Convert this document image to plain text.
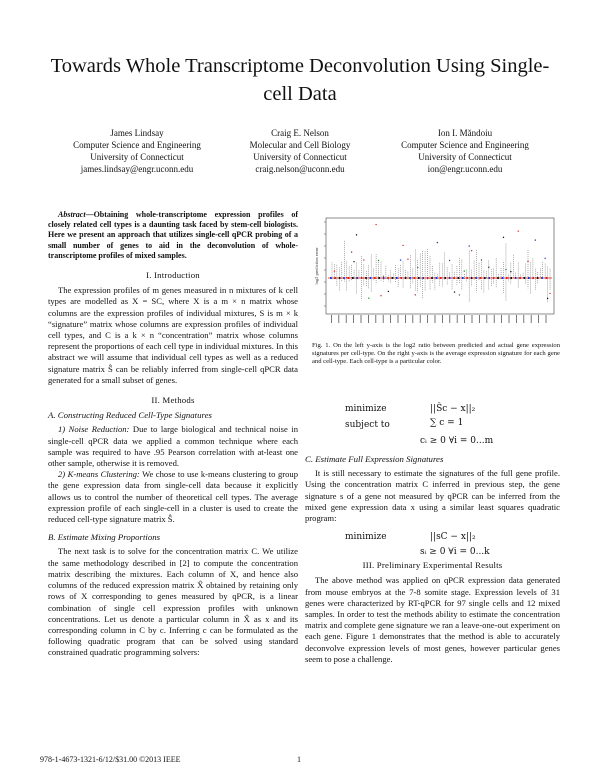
Towards Whole Transcriptome Deconvolution Using Single-cell Data
James Lindsay
Computer Science and Engineering
University of Connecticut
james.lindsay@engr.uconn.edu
Craig E. Nelson
Molecular and Cell Biology
University of Connecticut
craig.nelson@uconn.edu
Ion I. Măndoiu
Computer Science and Engineering
University of Connecticut
ion@engr.uconn.edu
Abstract—Obtaining whole-transcriptome expression profiles of closely related cell types is a daunting task faced by stem-cell biologists. Here we present an approach that utilizes single-cell qPCR probing of a small number of genes to aid in the deconvolution of whole-transcriptome profiles of mixed samples.
I. Introduction

The expression profiles of m genes measured in n mixtures of k cell types are modelled as X = SC, where X is a m × n matrix whose columns are the expression profiles of individual mixtures, S is m × k “signature” matrix whose columns are expression profiles of individual cell types, and C is a k × n “concentration” matrix whose columns represent the proportions of each cell type in individual mixtures. In this abstract we will assume that individual cell types as well as a reduced signature matrix Ŝ can be reliably inferred from single-cell qPCR data generated for a small subset of genes.

II. Methods
A. Constructing Reduced Cell-Type Signatures

1) Noise Reduction: Due to large biological and technical noise in single-cell qPCR data we applied a common technique where each sample was required to have .95 Pearson correlation with at-least one other sample, otherwise it is removed.

2) K-means Clustering: We chose to use k-means clustering to group the gene expression data from single-cell data because it explicitly allows us to control the number of theoretical cell types. The average expression profile of each single-cell in a cluster is used to create the reduced cell-type signature matrix Ŝ.

B. Estimate Mixing Proportions

The next task is to solve for the concentration matrix C. We utilize the same methodology described in [2] to compute the concentration matrix describing the mixtures. Each column of X, and hence also columns of the reduced expression matrix X̂ obtained by retaining only rows of X corresponding to genes measured by qPCR, is a linear combination of single cell expression profiles with unknown concentrations. Let us denote a particular column in X̂ as x and its corresponding column in C by c. Inferring c can be formulated as the following quadratic program that can be solved using standard constrained quadratic programming solvers:

log2 prediction error
Fig. 1. On the left y-axis is the log2 ratio between predicted and actual gene expression signatures per cell-type. On the right y-axis is the average expression signature for each gene and cell-type. Each cell-type is a particular color.
minimize	||Ŝc − x||₂
subject to	∑ c = 1
cᵢ ≥ 0 ∀i = 0...m
C. Estimate Full Expression Signatures

It is still necessary to estimate the signatures of the full gene profile. Using the concentration matrix C inferred in previous step, the gene signature s of a gene not measured by qPCR can be inferred from the mixed gene expression data x using a similar least squares quadratic program:

minimize	||sC − x||₂
sᵢ ≥ 0 ∀i = 0...k
III. Preliminary Experimental Results

The above method was applied on qPCR expression data generated from mouse embryos at the 7-8 somite stage. Expression levels of 31 genes were characterized by RT-qPCR for 97 single cells and 12 mixed samples. In order to test the methods ability to estimate the concentration matrix and complete gene signature we ran a leave-one-out experiment on each gene. Figure 1 demonstrates that the method is able to accurately deconvolve expression levels of most genes, however particular genes seem to pose a challenge.

978-1-4673-1321-6/12/$31.00 ©2013 IEEE	1
